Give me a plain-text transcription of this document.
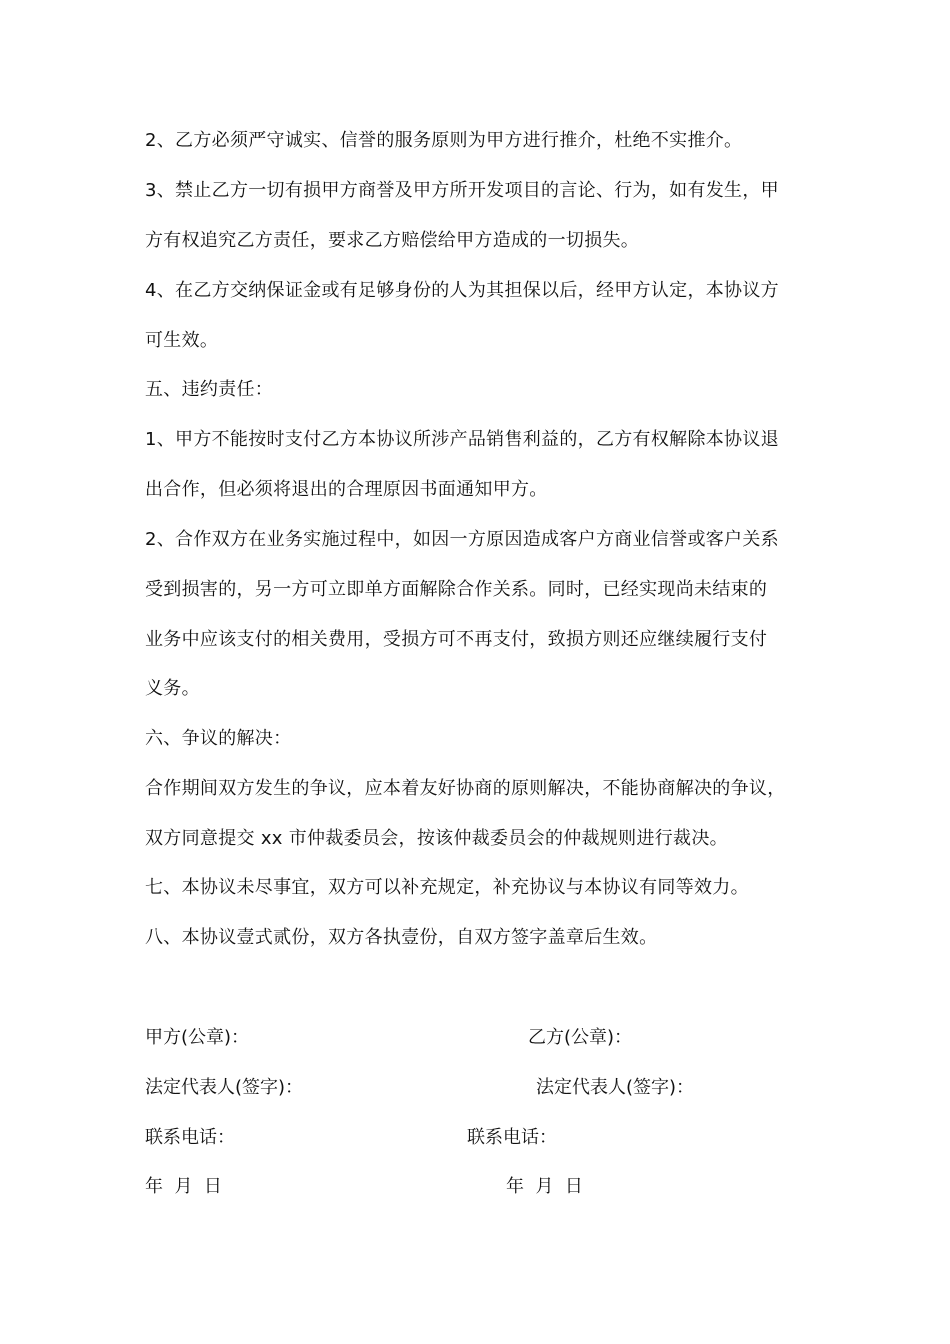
2、乙方必须严守诚实、信誉的服务原则为甲方进行推介，杜绝不实推介。
3、禁止乙方一切有损甲方商誉及甲方所开发项目的言论、行为，如有发生，甲
方有权追究乙方责任，要求乙方赔偿给甲方造成的一切损失。
4、在乙方交纳保证金或有足够身份的人为其担保以后，经甲方认定，本协议方
可生效。
五、违约责任：
1、甲方不能按时支付乙方本协议所涉产品销售利益的，乙方有权解除本协议退
出合作，但必须将退出的合理原因书面通知甲方。
2、合作双方在业务实施过程中，如因一方原因造成客户方商业信誉或客户关系
受到损害的，另一方可立即单方面解除合作关系。同时，已经实现尚未结束的
业务中应该支付的相关费用，受损方可不再支付，致损方则还应继续履行支付
义务。
六、争议的解决：
合作期间双方发生的争议，应本着友好协商的原则解决，不能协商解决的争议，
双方同意提交 xx 市仲裁委员会，按该仲裁委员会的仲裁规则进行裁决。
七、本协议未尽事宜，双方可以补充规定，补充协议与本协议有同等效力。
八、本协议壹式贰份，双方各执壹份，自双方签字盖章后生效。
甲方(公章)：	乙方(公章)：
法定代表人(签字)：	法定代表人(签字)：
联系电话：	联系电话：
年  月  日	年  月  日
